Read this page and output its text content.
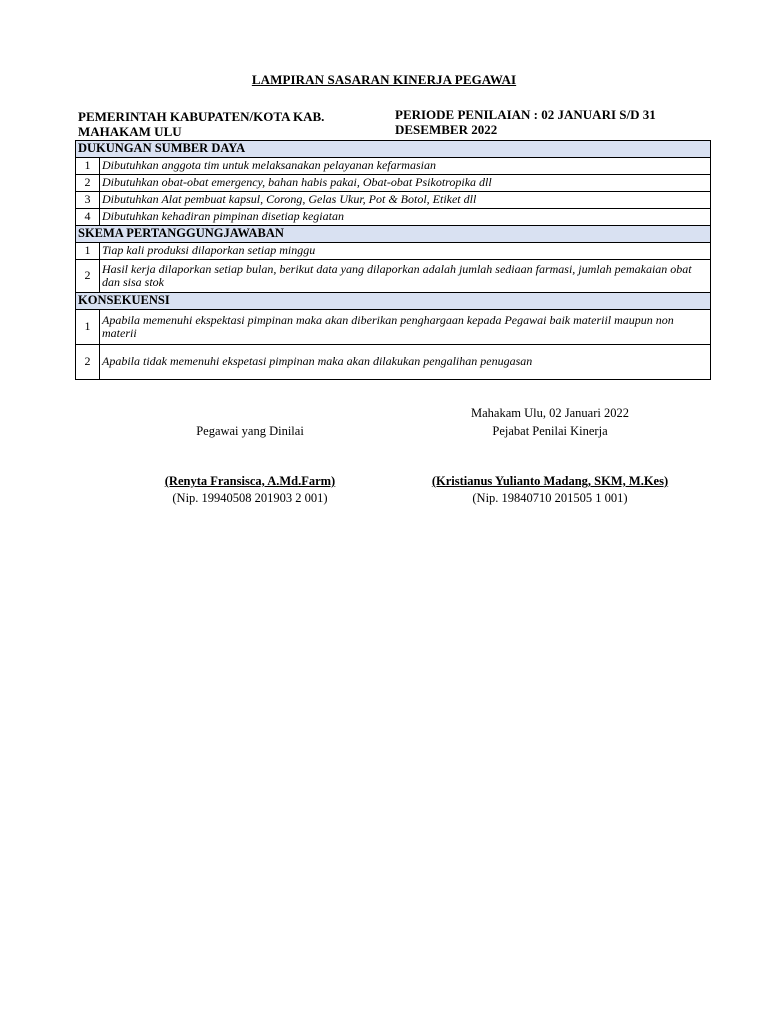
LAMPIRAN SASARAN KINERJA PEGAWAI
PEMERINTAH KABUPATEN/KOTA KAB.
MAHAKAM ULU
PERIODE PENILAIAN : 02 JANUARI S/D 31
DESEMBER 2022
DUKUNGAN SUMBER DAYA	
1	Dibutuhkan anggota tim untuk melaksanakan pelayanan kefarmasian
2	Dibutuhkan obat-obat emergency, bahan habis pakai, Obat-obat Psikotropika dll
3	Dibutuhkan Alat pembuat kapsul, Corong, Gelas Ukur, Pot & Botol, Etiket dll
4	Dibutuhkan kehadiran pimpinan disetiap kegiatan
SKEMA PERTANGGUNGJAWABAN	
1	Tiap kali produksi dilaporkan setiap minggu
2	Hasil kerja dilaporkan setiap bulan, berikut data yang dilaporkan adalah jumlah sediaan farmasi, jumlah pemakaian obat dan sisa stok
KONSEKUENSI	
1	Apabila memenuhi ekspektasi pimpinan maka akan diberikan penghargaan kepada Pegawai baik materiil maupun non materii
2	Apabila tidak memenuhi ekspetasi pimpinan maka akan dilakukan pengalihan penugasan
Mahakam Ulu, 02 Januari 2022
Pegawai yang Dinilai	Pejabat Penilai Kinerja
(Renyta Fransisca, A.Md.Farm)
(Nip. 19940508 201903 2 001)
(Kristianus Yulianto Madang, SKM, M.Kes)
(Nip. 19840710 201505 1 001)
